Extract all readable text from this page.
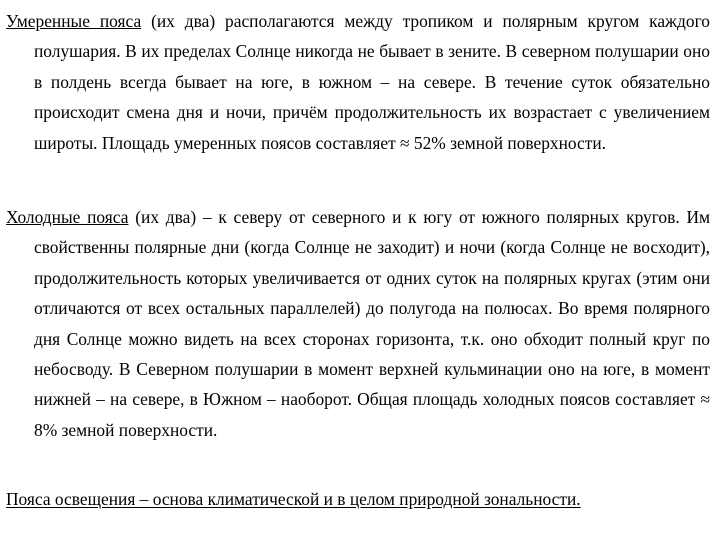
Умеренные пояса (их два) располагаются между тропиком и полярным кругом каждого полушария. В их пределах Солнце никогда не бывает в зените. В северном полушарии оно в полдень всегда бывает на юге, в южном – на севере. В течение суток обязательно происходит смена дня и ночи, причём продолжительность их возрастает с увеличением широты. Площадь умеренных поясов составляет ≈ 52% земной поверхности.

Холодные пояса (их два) – к северу от северного и к югу от южного полярных кругов. Им свойственны полярные дни (когда Солнце не заходит) и ночи (когда Солнце не восходит), продолжительность которых увеличивается от одних суток на полярных кругах (этим они отличаются от всех остальных параллелей) до полугода на полюсах. Во время полярного дня Солнце можно видеть на всех сторонах горизонта, т.к. оно обходит полный круг по небосводу. В Северном полушарии в момент верхней кульминации оно на юге, в момент нижней – на севере, в Южном – наоборот. Общая площадь холодных поясов составляет ≈ 8% земной поверхности.

Пояса освещения – основа климатической и в целом природной зональности.
